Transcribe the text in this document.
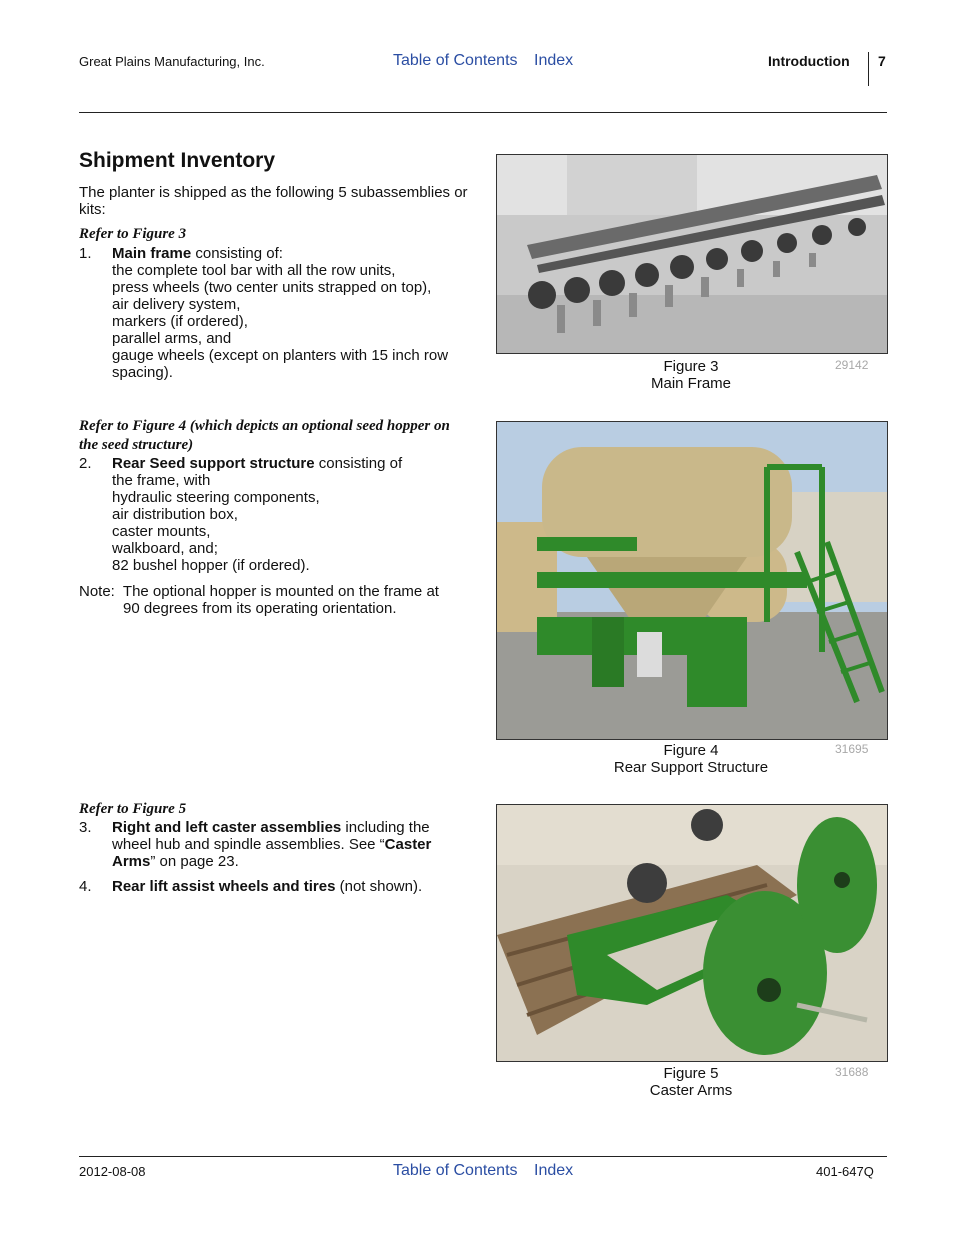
Great Plains Manufacturing, Inc.	Table of Contents Index	Introduction 7
Shipment Inventory
The planter is shipped as the following 5 subassemblies or kits:
Refer to Figure 3
1. Main frame consisting of:
the complete tool bar with all the row units,
press wheels (two center units strapped on top),
air delivery system,
markers (if ordered),
parallel arms, and
gauge wheels (except on planters with 15 inch row
spacing).
Refer to Figure 4 (which depicts an optional seed hopper on
the seed structure)
2. Rear Seed support structure consisting of
the frame, with
hydraulic steering components,
air distribution box,
caster mounts,
walkboard, and;
82 bushel hopper (if ordered).
Note:  The optional hopper is mounted on the frame at
90 degrees from its operating orientation.
Refer to Figure 5
3. Right and left caster assemblies including the
wheel hub and spindle assemblies. See “Caster
Arms” on page 23.
4. Rear lift assist wheels and tires (not shown).
Figure 3
Main Frame
29142
Figure 4
Rear Support Structure
31695
Figure 5
Caster Arms
31688
2012-08-08	Table of Contents Index	401-647Q
